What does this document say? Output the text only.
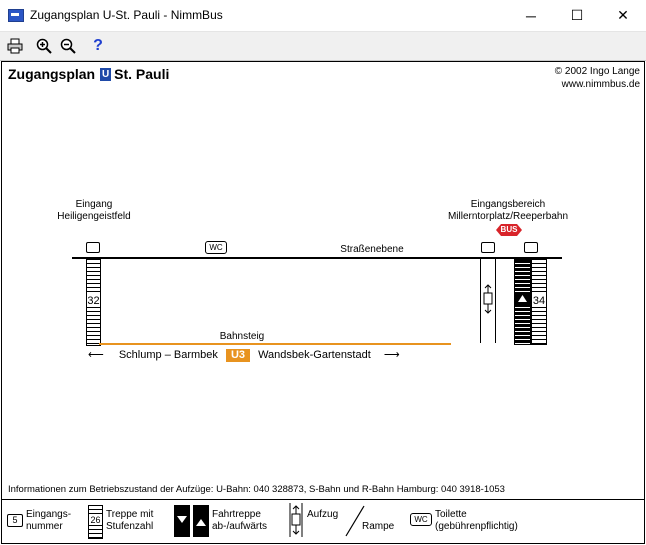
Zugangsplan U-St. Pauli - NimmBus	─	☐	✕
?
Zugangsplan U St. Pauli	© 2002 Ingo Lange
www.nimmbus.de
Eingang
Heiligengeistfeld
Eingangsbereich
Millerntorplatz/Reeperbahn
BUS
WC	Straßenebene
32	34
Bahnsteig
⟵ Schlump – Barmbek U3 Wandsbek-Gartenstadt ⟶
Informationen zum Betriebszustand der Aufzüge: U-Bahn: 040 328873, S-Bahn und R-Bahn Hamburg: 040 3918-1053
5 Eingangs-
nummer
26 Treppe mit
Stufenzahl
Fahrtreppe
ab-/aufwärts
Aufzug
Rampe
WC Toilette
(gebührenpflichtig)
